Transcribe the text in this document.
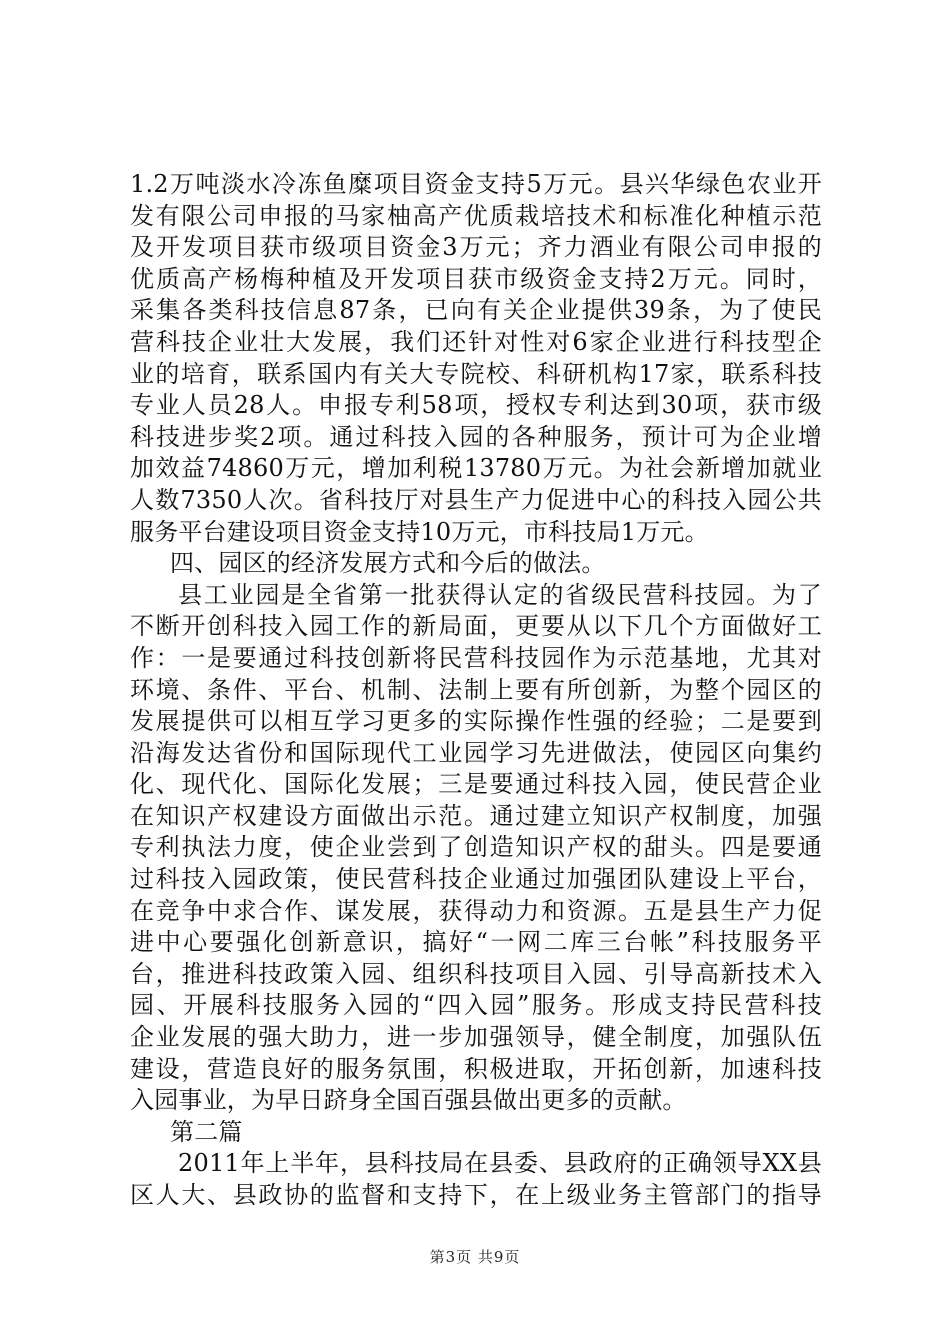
1.2万吨淡水冷冻鱼糜项目资金支持5万元。县兴华绿色农业开
发有限公司申报的马家柚高产优质栽培技术和标准化种植示范
及开发项目获市级项目资金3万元；齐力酒业有限公司申报的
优质高产杨梅种植及开发项目获市级资金支持2万元。同时，
采集各类科技信息87条，已向有关企业提供39条，为了使民
营科技企业壮大发展，我们还针对性对6家企业进行科技型企
业的培育，联系国内有关大专院校、科研机构17家，联系科技
专业人员28人。申报专利58项，授权专利达到30项，获市级
科技进步奖2项。通过科技入园的各种服务，预计可为企业增
加效益74860万元，增加利税13780万元。为社会新增加就业
人数7350人次。省科技厅对县生产力促进中心的科技入园公共
服务平台建设项目资金支持10万元，市科技局1万元。
四、园区的经济发展方式和今后的做法。
县工业园是全省第一批获得认定的省级民营科技园。为了
不断开创科技入园工作的新局面，更要从以下几个方面做好工
作：一是要通过科技创新将民营科技园作为示范基地，尤其对
环境、条件、平台、机制、法制上要有所创新，为整个园区的
发展提供可以相互学习更多的实际操作性强的经验；二是要到
沿海发达省份和国际现代工业园学习先进做法，使园区向集约
化、现代化、国际化发展；三是要通过科技入园，使民营企业
在知识产权建设方面做出示范。通过建立知识产权制度，加强
专利执法力度，使企业尝到了创造知识产权的甜头。四是要通
过科技入园政策，使民营科技企业通过加强团队建设上平台，
在竞争中求合作、谋发展，获得动力和资源。五是县生产力促
进中心要强化创新意识，搞好“一网二库三台帐”科技服务平
台，推进科技政策入园、组织科技项目入园、引导高新技术入
园、开展科技服务入园的“四入园”服务。形成支持民营科技
企业发展的强大助力，进一步加强领导，健全制度，加强队伍
建设，营造良好的服务氛围，积极进取，开拓创新，加速科技
入园事业，为早日跻身全国百强县做出更多的贡献。
第二篇
2011年上半年，县科技局在县委、县政府的正确领导XX县
区人大、县政协的监督和支持下，在上级业务主管部门的指导
第3页 共9页
